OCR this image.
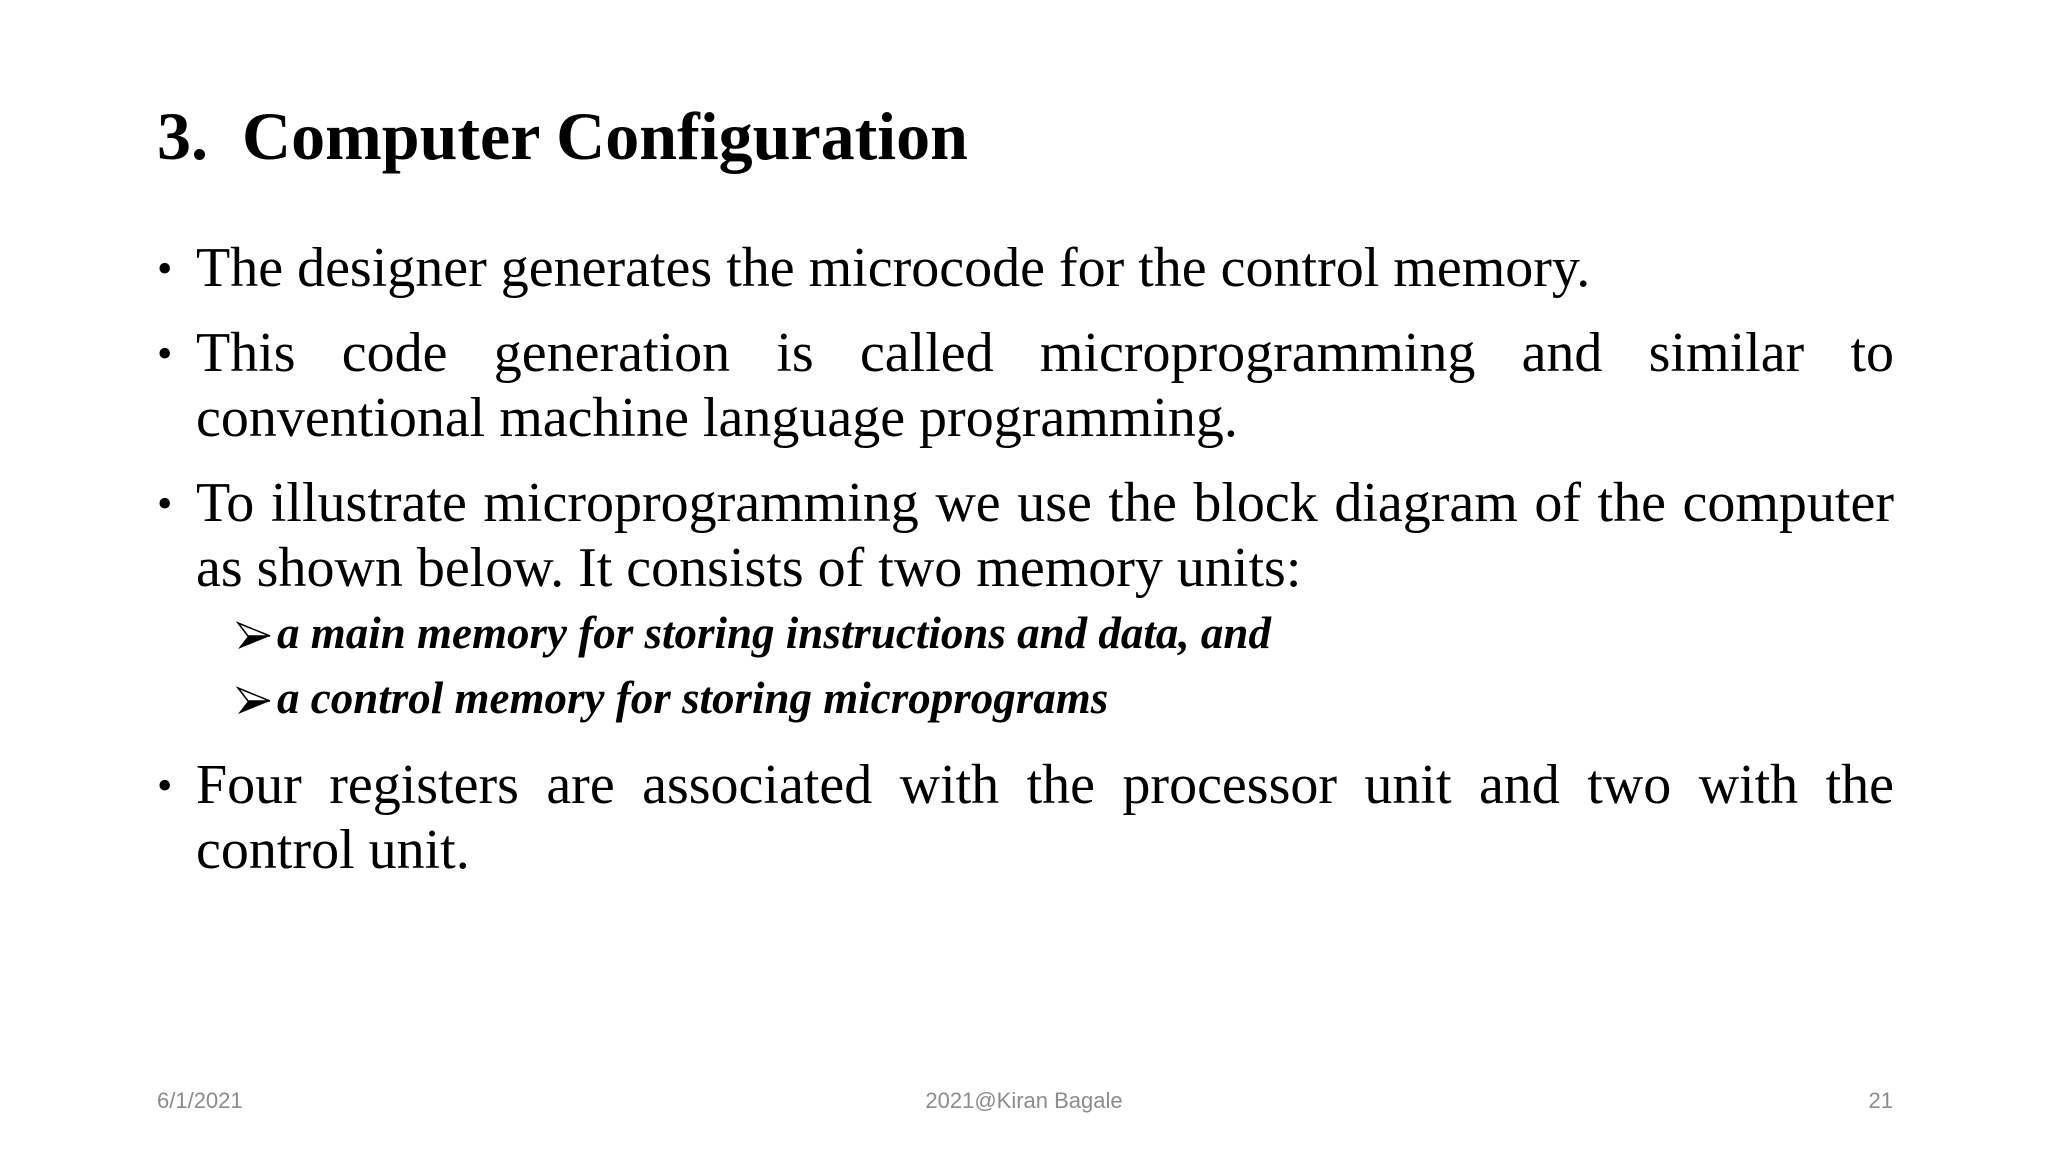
3.  Computer Configuration
• The designer generates the microcode for the control memory.
• This code generation is called microprogramming and similar to conventional machine language programming.
• To illustrate microprogramming we use the block diagram of the computer as shown below. It consists of two memory units:
a main memory for storing instructions and data, and
a control memory for storing microprograms
• Four registers are associated with the processor unit and two with the control unit.
6/1/2021	2021@Kiran Bagale	21
